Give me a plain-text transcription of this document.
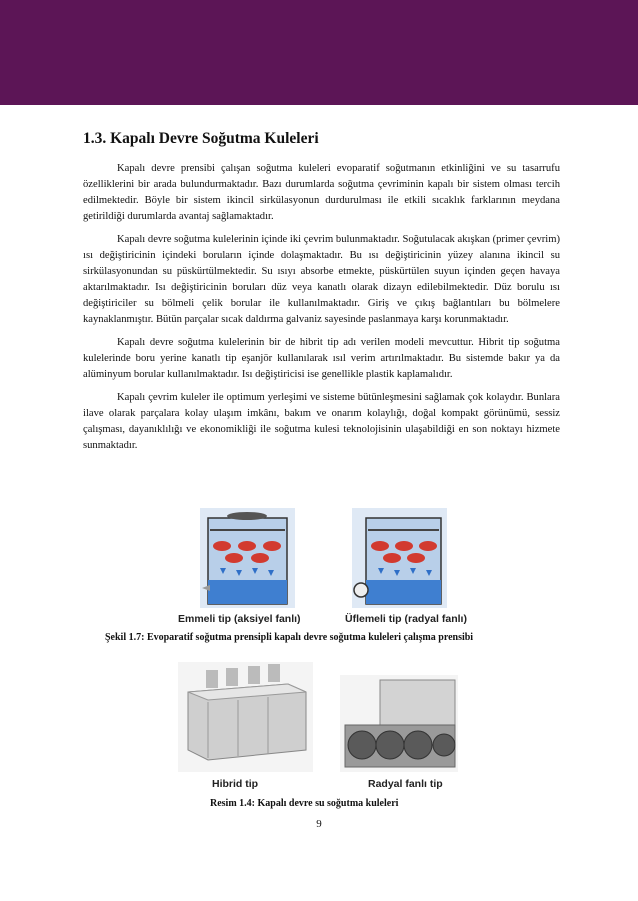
1.3. Kapalı Devre Soğutma Kuleleri

Kapalı devre prensibi çalışan soğutma kuleleri evoparatif soğutmanın etkinliğini ve su tasarrufu özelliklerini bir arada bulundurmaktadır. Bazı durumlarda soğutma çevriminin kapalı bir sistem olması tercih edilmektedir. Böyle bir sistem ikincil sirkülasyonun durdurulması ile etkili sıcaklık farklarının meydana getirildiği durumlarda avantaj sağlamaktadır.

Kapalı devre soğutma kulelerinin içinde iki çevrim bulunmaktadır. Soğutulacak akışkan (primer çevrim) ısı değiştiricinin içindeki boruların içinde dolaşmaktadır. Bu ısı değiştiricinin yüzey alanına ikincil su sirkülasyonundan su püskürtülmektedir. Su ısıyı absorbe etmekte, püskürtülen suyun içinden geçen havaya aktarılmaktadır. Isı değiştiricinin boruları düz veya kanatlı olarak dizayn edilebilmektedir. Düz borulu ısı değiştiriciler su bölmeli çelik borular ile kullanılmaktadır. Giriş ve çıkış bağlantıları bu bölmelere kaynaklanmıştır. Bütün parçalar sıcak daldırma galvaniz sayesinde paslanmaya karşı korunmaktadır.

Kapalı devre soğutma kulelerinin bir de hibrit tip adı verilen modeli mevcuttur. Hibrit tip soğutma kulelerinde boru yerine kanatlı tip eşanjör kullanılarak ısıl verim artırılmaktadır. Bu sistemde bakır ya da alüminyum borular kullanılmaktadır. Isı değiştiricisi ise genellikle plastik kaplamalıdır.

Kapalı çevrim kuleler ile optimum yerleşimi ve sisteme bütünleşmesini sağlamak çok kolaydır. Bunlara ilave olarak parçalara kolay ulaşım imkânı, bakım ve onarım kolaylığı, doğal kompakt görünümü, sessiz çalışması, dayanıklılığı ve ekonomikliği ile soğutma kulesi teknolojisinin ulaşabildiği en son noktayı hizmete sunmaktadır.

Emmeli tip (aksiyel fanlı)	Üflemeli tip (radyal fanlı)
Şekil 1.7: Evoparatif soğutma prensipli kapalı devre soğutma kuleleri çalışma prensibi
Hibrid tip	Radyal fanlı tip
Resim 1.4: Kapalı devre su soğutma kuleleri
9
